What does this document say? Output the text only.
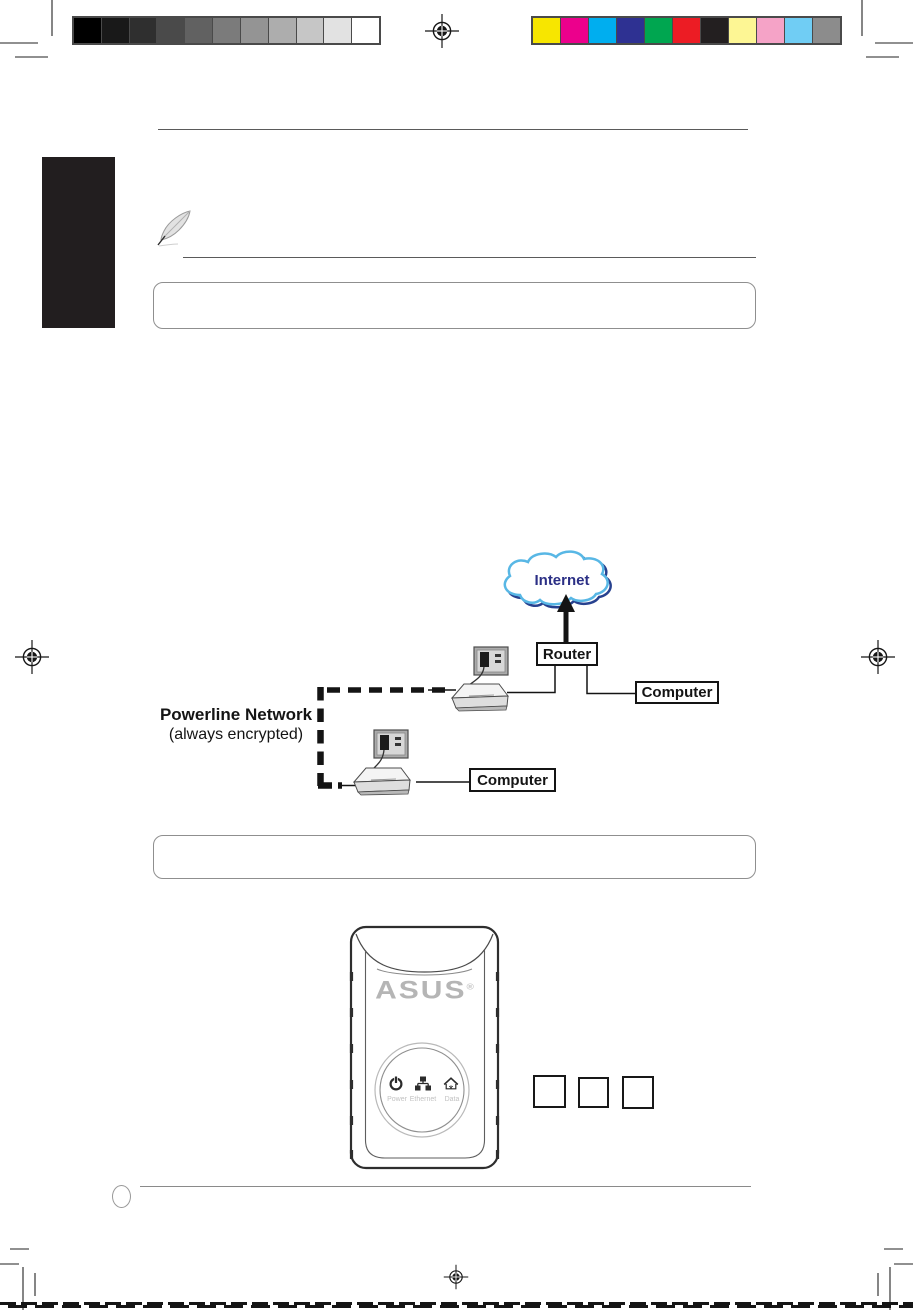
Internet
Router
Computer
Computer
Powerline Network
(always encrypted)
ASUS®
Power Ethernet	Data
